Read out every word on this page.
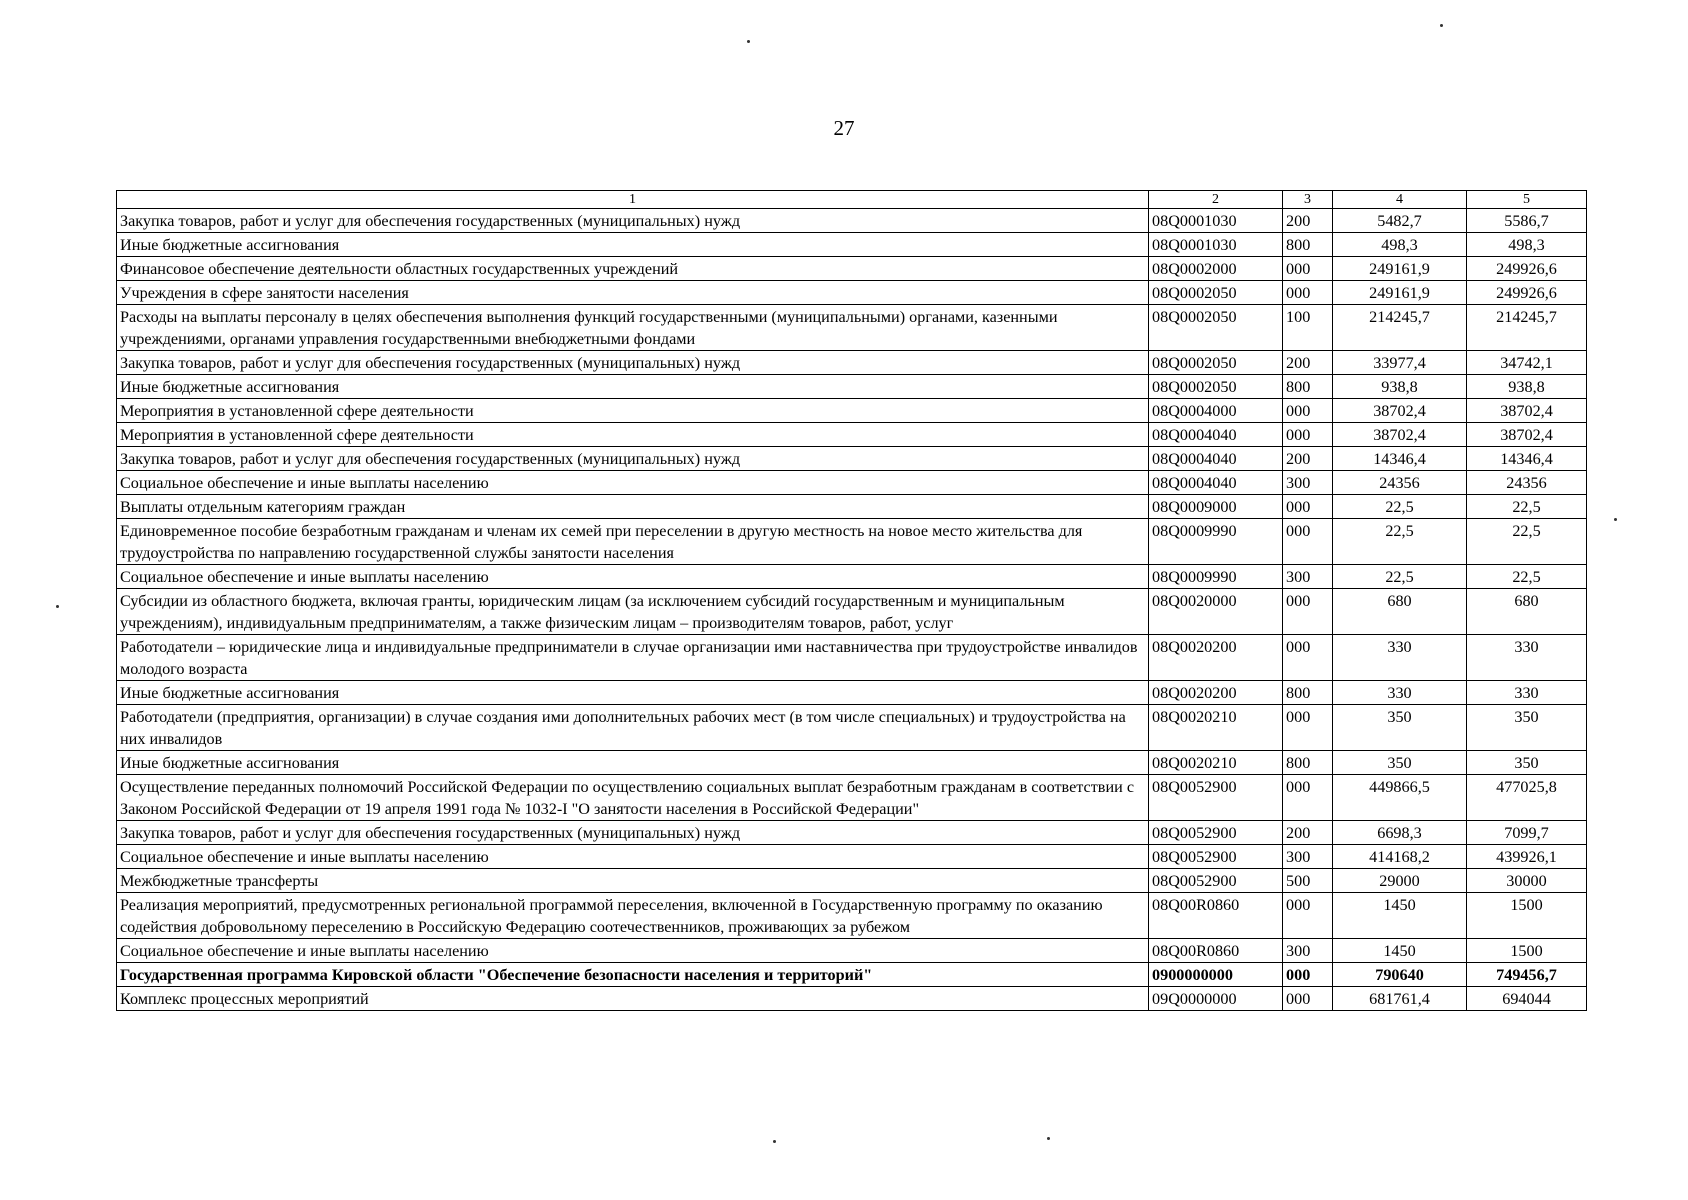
27
1	2	3	4	5
Закупка товаров, работ и услуг для обеспечения государственных (муниципальных) нужд	08Q0001030	200	5482,7	5586,7
Иные бюджетные ассигнования	08Q0001030	800	498,3	498,3
Финансовое обеспечение деятельности областных государственных учреждений	08Q0002000	000	249161,9	249926,6
Учреждения в сфере занятости населения	08Q0002050	000	249161,9	249926,6
Расходы на выплаты персоналу в целях обеспечения выполнения функций государственными (муниципальными) органами, казенными учреждениями, органами управления государственными внебюджетными фондами	08Q0002050	100	214245,7	214245,7
Закупка товаров, работ и услуг для обеспечения государственных (муниципальных) нужд	08Q0002050	200	33977,4	34742,1
Иные бюджетные ассигнования	08Q0002050	800	938,8	938,8
Мероприятия в установленной сфере деятельности	08Q0004000	000	38702,4	38702,4
Мероприятия в установленной сфере деятельности	08Q0004040	000	38702,4	38702,4
Закупка товаров, работ и услуг для обеспечения государственных (муниципальных) нужд	08Q0004040	200	14346,4	14346,4
Социальное обеспечение и иные выплаты населению	08Q0004040	300	24356	24356
Выплаты отдельным категориям граждан	08Q0009000	000	22,5	22,5
Единовременное пособие безработным гражданам и членам их семей при переселении в другую местность на новое место жительства для трудоустройства по направлению государственной службы занятости населения	08Q0009990	000	22,5	22,5
Социальное обеспечение и иные выплаты населению	08Q0009990	300	22,5	22,5
Субсидии из областного бюджета, включая гранты, юридическим лицам (за исключением субсидий государственным и муниципальным учреждениям), индивидуальным предпринимателям, а также физическим лицам – производителям товаров, работ, услуг	08Q0020000	000	680	680
Работодатели – юридические лица и индивидуальные предприниматели в случае организации ими наставничества при трудоустройстве инвалидов молодого возраста	08Q0020200	000	330	330
Иные бюджетные ассигнования	08Q0020200	800	330	330
Работодатели (предприятия, организации) в случае создания ими дополнительных рабочих мест (в том числе специальных) и трудоустройства на них инвалидов	08Q0020210	000	350	350
Иные бюджетные ассигнования	08Q0020210	800	350	350
Осуществление переданных полномочий Российской Федерации по осуществлению социальных выплат безработным гражданам в соответствии с Законом Российской Федерации от 19 апреля 1991 года № 1032-I "О занятости населения в Российской Федерации"	08Q0052900	000	449866,5	477025,8
Закупка товаров, работ и услуг для обеспечения государственных (муниципальных) нужд	08Q0052900	200	6698,3	7099,7
Социальное обеспечение и иные выплаты населению	08Q0052900	300	414168,2	439926,1
Межбюджетные трансферты	08Q0052900	500	29000	30000
Реализация мероприятий, предусмотренных региональной программой переселения, включенной в Государственную программу по оказанию содействия добровольному переселению в Российскую Федерацию соотечественников, проживающих за рубежом	08Q00R0860	000	1450	1500
Социальное обеспечение и иные выплаты населению	08Q00R0860	300	1450	1500
Государственная программа Кировской области "Обеспечение безопасности населения и территорий"	0900000000	000	790640	749456,7
Комплекс процессных мероприятий	09Q0000000	000	681761,4	694044
